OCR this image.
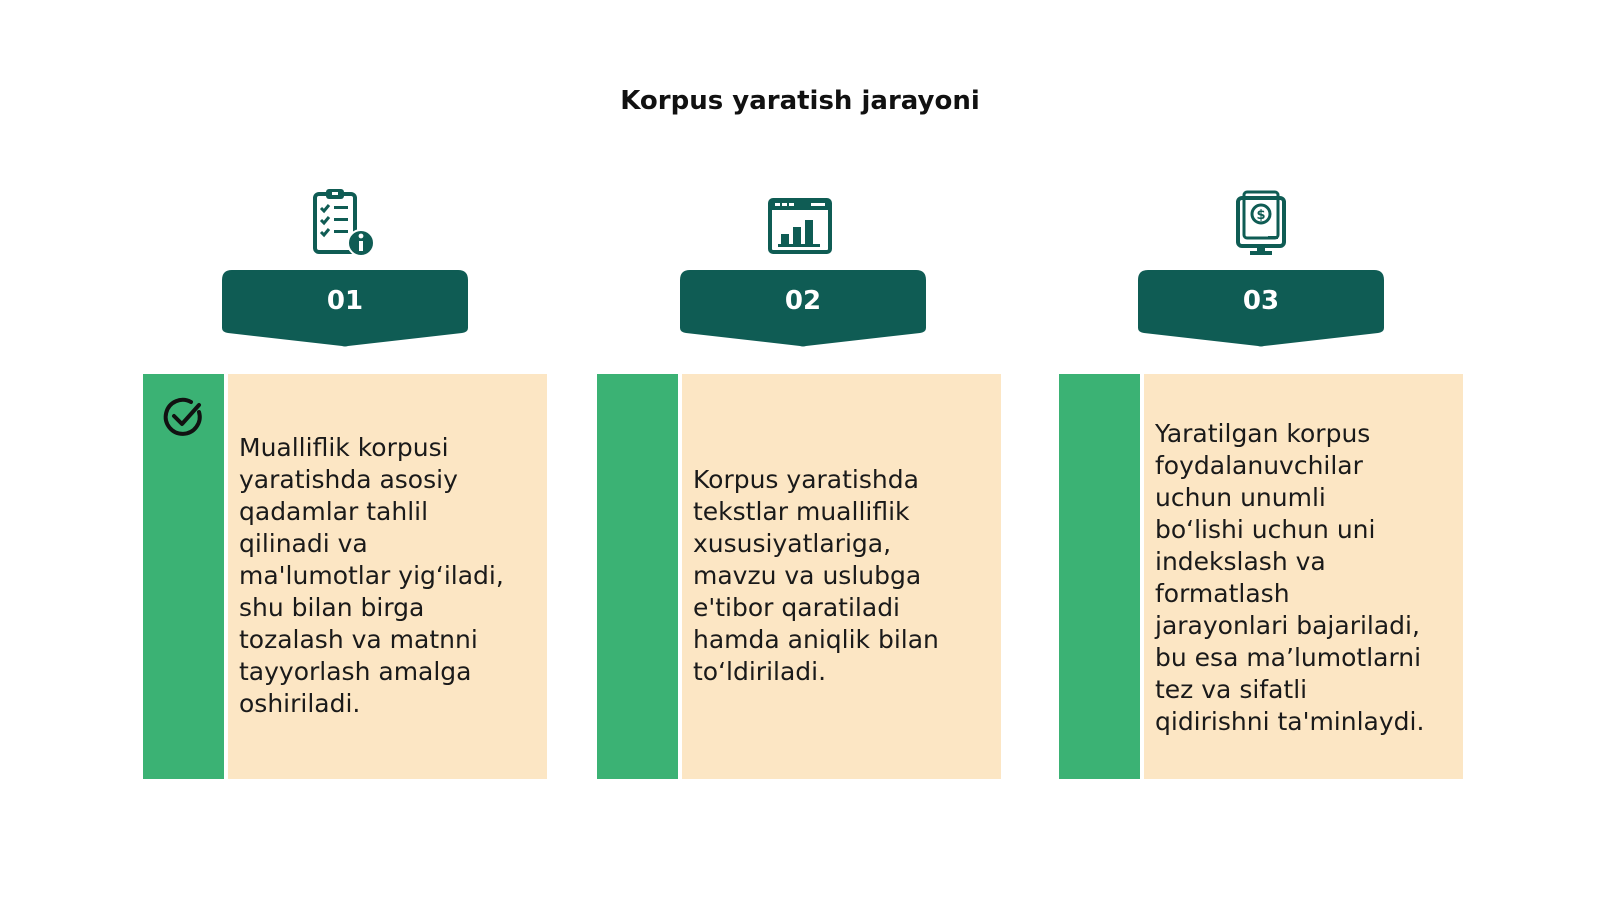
Korpus yaratish jarayoni
01
Mualliflik korpusi
yaratishda asosiy
qadamlar tahlil
qilinadi va
ma'lumotlar yig‘iladi,
shu bilan birga
tozalash va matnni
tayyorlash amalga
oshiriladi.
02
Korpus yaratishda
tekstlar mualliflik
xususiyatlariga,
mavzu va uslubga
e'tibor qaratiladi
hamda aniqlik bilan
to‘ldiriladi.
$
03
Yaratilgan korpus
foydalanuvchilar
uchun unumli
bo‘lishi uchun uni
indekslash va
formatlash
jarayonlari bajariladi,
bu esa ma’lumotlarni
tez va sifatli
qidirishni ta'minlaydi.
